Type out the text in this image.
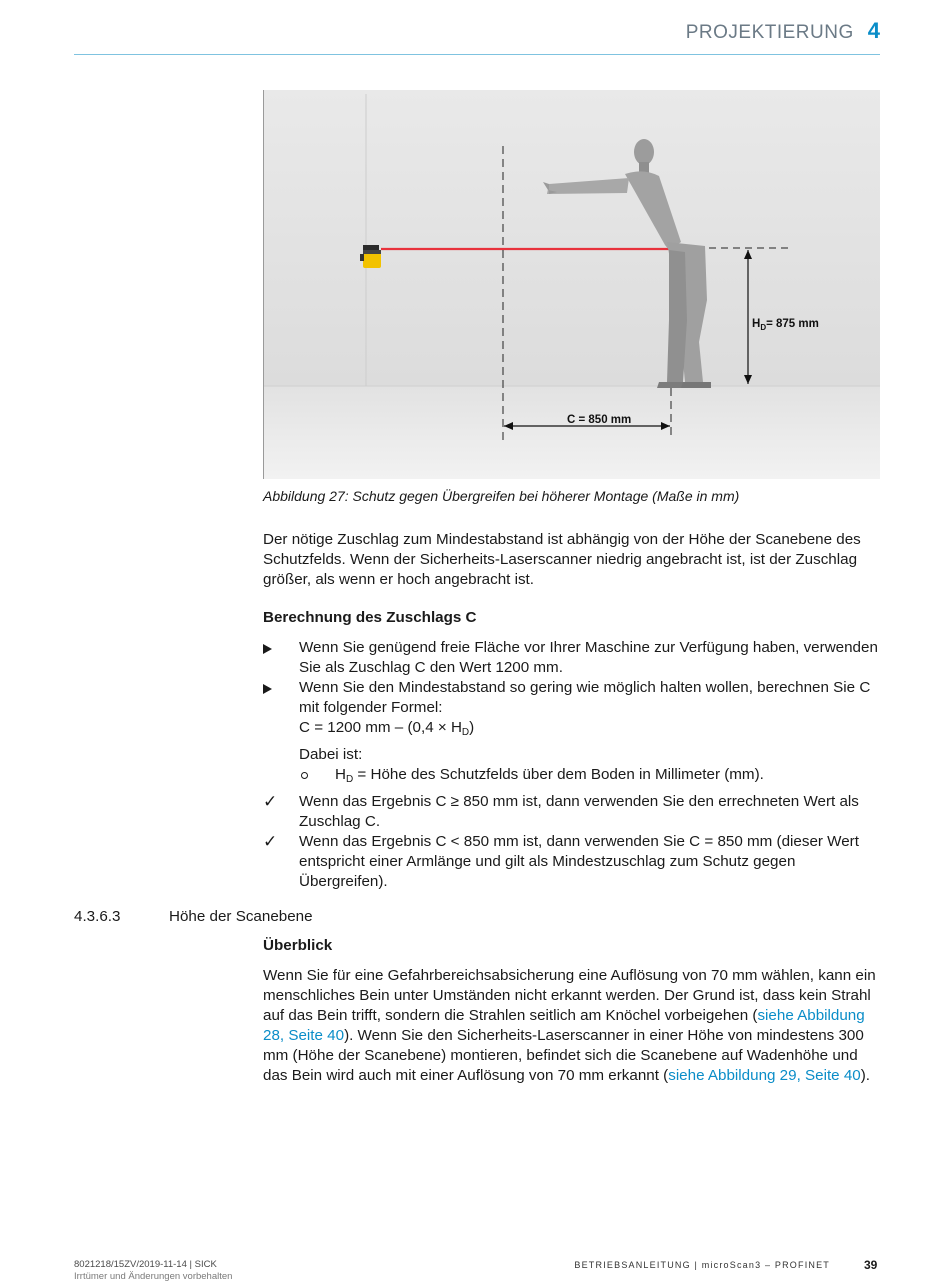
PROJEKTIERUNG 4
$H_D= 875$ mm
C = 850 mm
Abbildung 27: Schutz gegen Übergreifen bei höherer Montage (Maße in mm)
Der nötige Zuschlag zum Mindestabstand ist abhängig von der Höhe der Scanebene des Schutzfelds. Wenn der Sicherheits-Laserscanner niedrig angebracht ist, ist der Zuschlag größer, als wenn er hoch angebracht ist.
Berechnung des Zuschlags C
Wenn Sie genügend freie Fläche vor Ihrer Maschine zur Verfügung haben, verwenden Sie als Zuschlag C den Wert 1200 mm.
Wenn Sie den Mindestabstand so gering wie möglich halten wollen, berechnen Sie C mit folgender Formel:
C = 1200 mm – $(0,4 \times H_D)$
Dabei ist:
$H_D$ = Höhe des Schutzfelds über dem Boden in Millimeter (mm).
✓	Wenn das Ergebnis C ≥ 850 mm ist, dann verwenden Sie den errechneten Wert als Zuschlag C.
✓	Wenn das Ergebnis C < 850 mm ist, dann verwenden Sie C = 850 mm (dieser Wert entspricht einer Armlänge und gilt als Mindestzuschlag zum Schutz gegen Übergreifen).
4.3.6.3	Höhe der Scanebene
Überblick
Wenn Sie für eine Gefahrbereichsabsicherung eine Auflösung von 70 mm wählen, kann ein menschliches Bein unter Umständen nicht erkannt werden. Der Grund ist, dass kein Strahl auf das Bein trifft, sondern die Strahlen seitlich am Knöchel vorbeigehen (siehe Abbildung 28, Seite 40). Wenn Sie den Sicherheits-Laserscanner in einer Höhe von mindestens 300 mm (Höhe der Scanebene) montieren, befindet sich die Scanebene auf Wadenhöhe und das Bein wird auch mit einer Auflösung von 70 mm erkannt (siehe Abbildung 29, Seite 40).
8021218/15ZV/2019-11-14 | SICK
Irrtümer und Änderungen vorbehalten
BETRIEBSANLEITUNG | microScan3 – PROFINET	39
